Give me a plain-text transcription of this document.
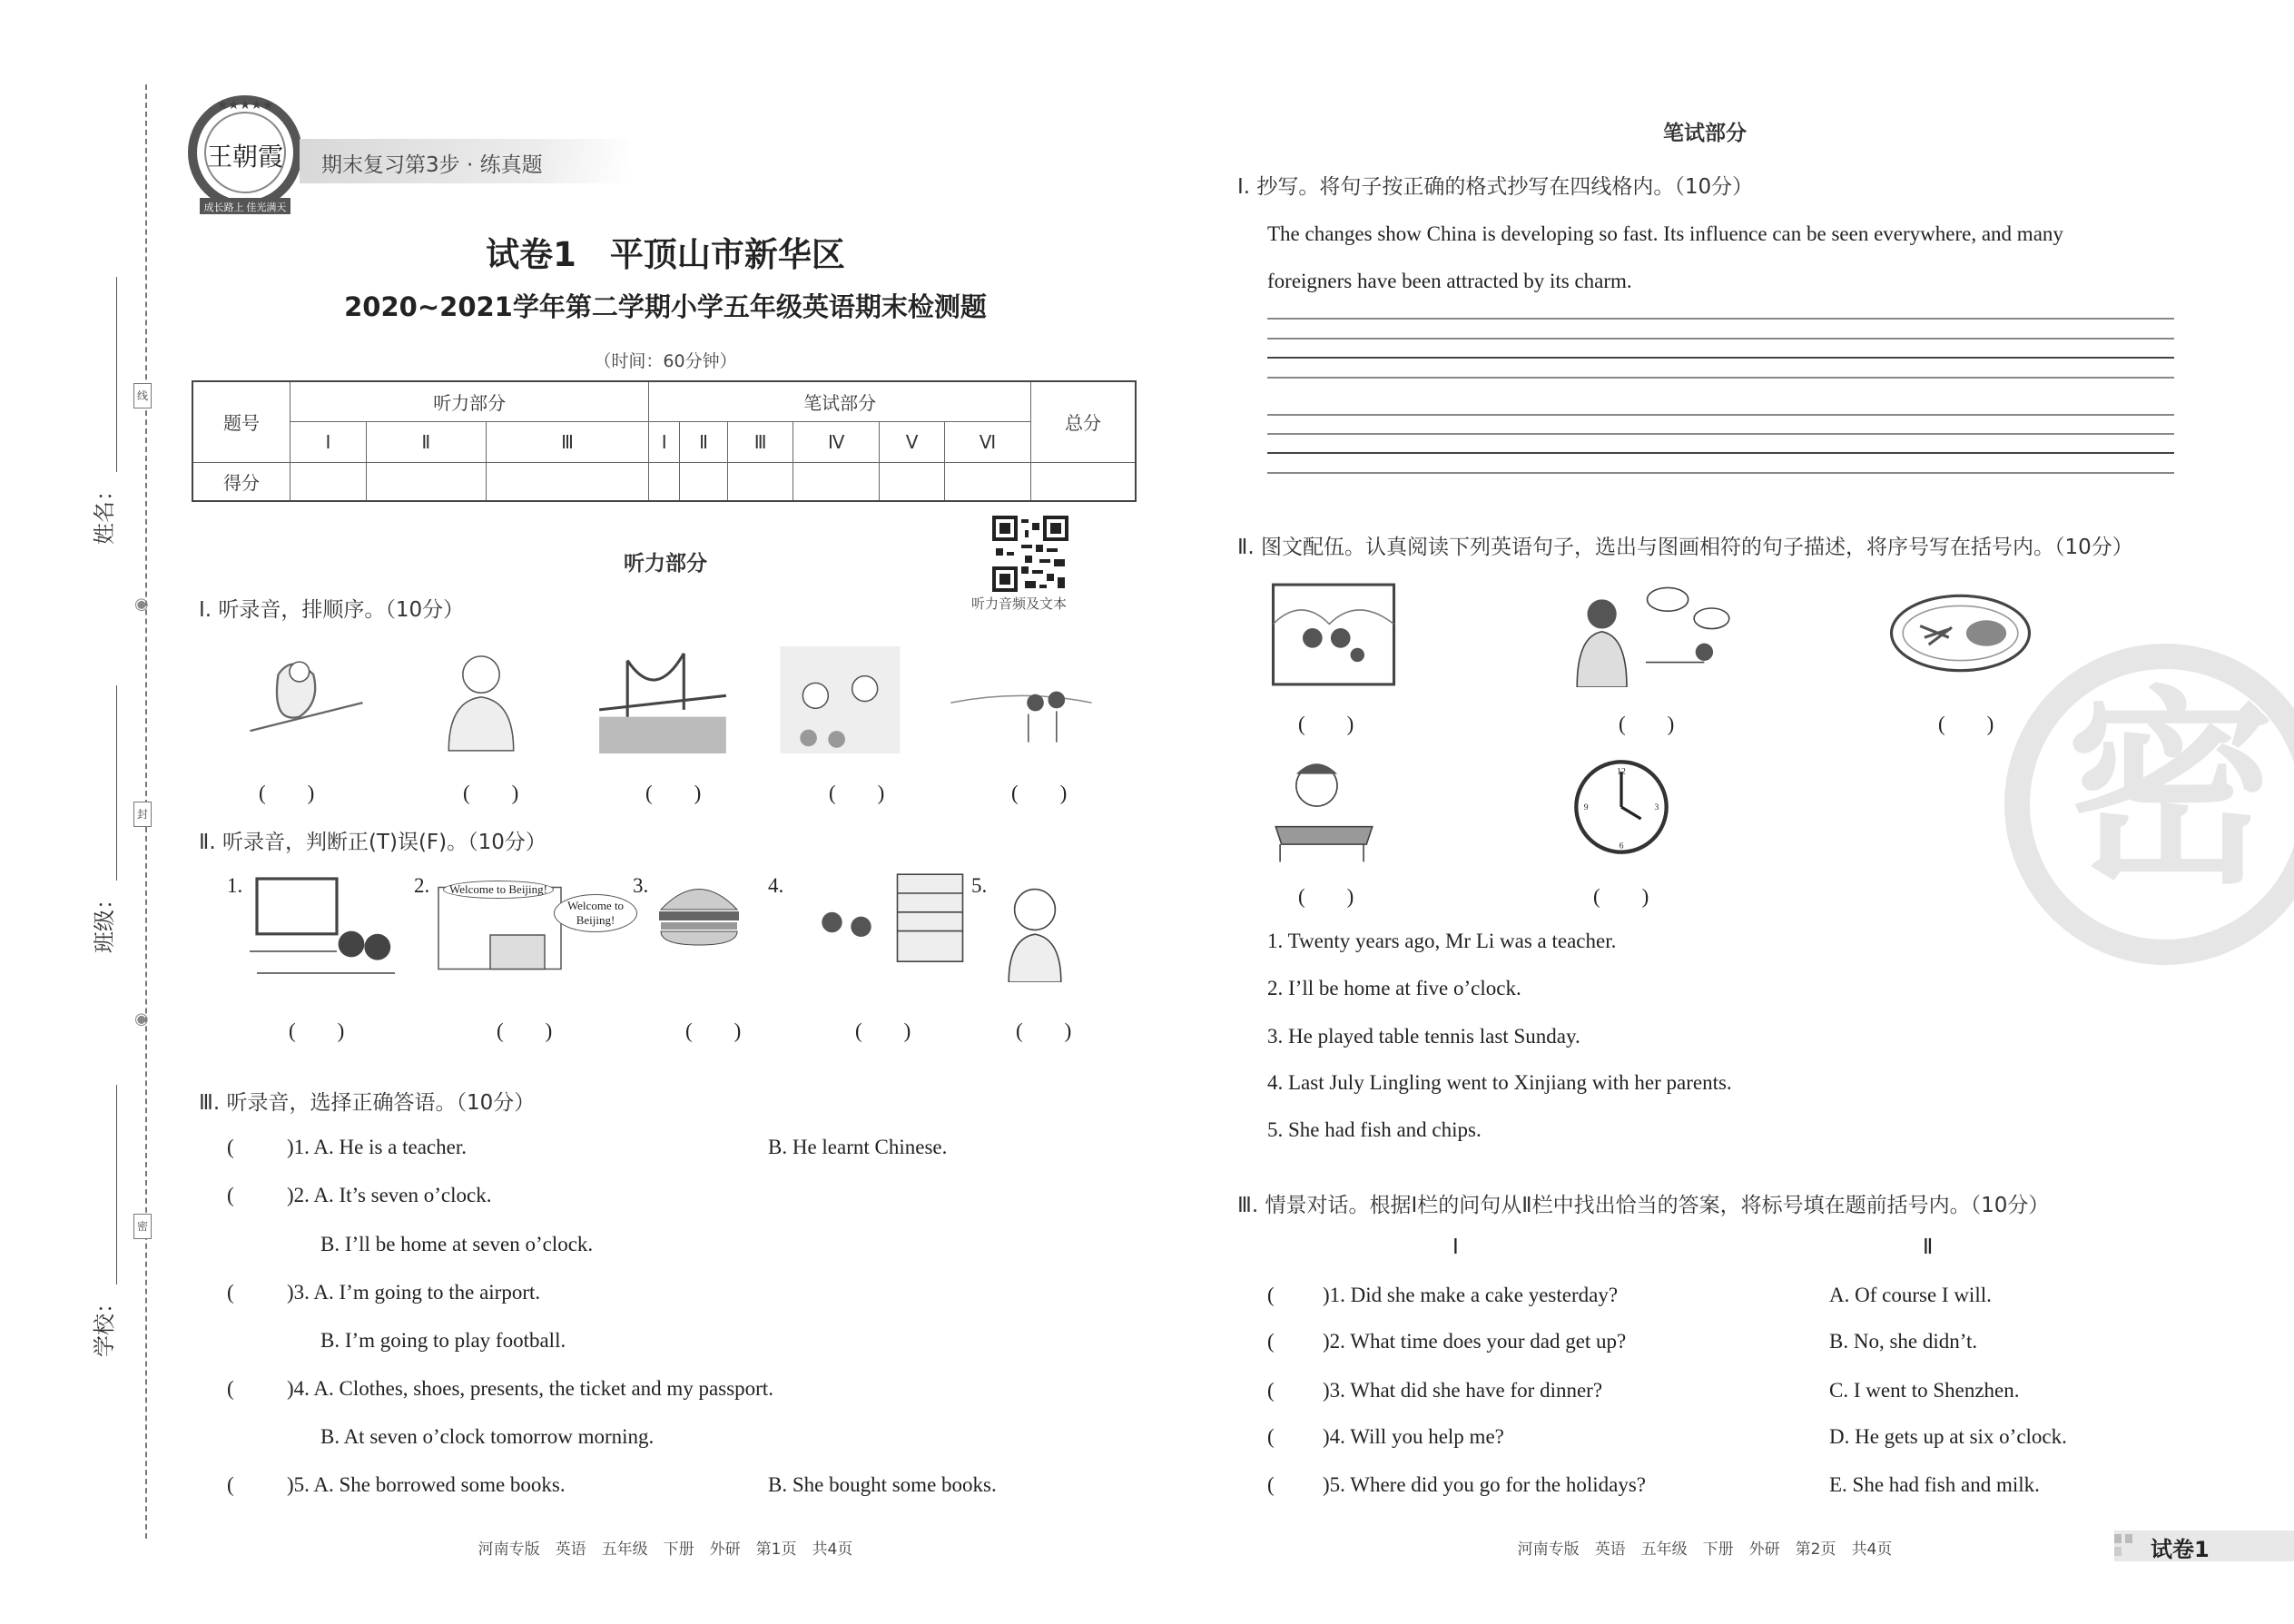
线
封
密
姓名：
班级：
学校：
◉
◉
★★★★★
王朝霞
成长路上 佳光满天
期末复习第3步 · 练真题
试卷1　平顶山市新华区
2020~2021学年第二学期小学五年级英语期末检测题
（时间：60分钟）
题号	听力部分			笔试部分						总分
	Ⅰ	Ⅱ	Ⅲ	Ⅰ	Ⅱ	Ⅲ	Ⅳ	Ⅴ	Ⅵ	
得分										
听力音频及文本
听力部分
Ⅰ. 听录音，排顺序。（10分）
(　　)	(　　)	(　　)	(　　)	(　　)
Ⅱ. 听录音，判断正(T)误(F)。（10分）
1.	2.	Welcome to Beijing!
Welcome to Beijing!
3.	4.	5.
(　　)	(　　)	(　　)	(　　)	(　　)
Ⅲ. 听录音，选择正确答语。（10分）
(	)1. A. He is a teacher.	B. He learnt Chinese.
(	)2. A. It’s seven o’clock.
B. I’ll be home at seven o’clock.
(	)3. A. I’m going to the airport.
B. I’m going to play football.
(	)4. A. Clothes, shoes, presents, the ticket and my passport.
B. At seven o’clock tomorrow morning.
(	)5. A. She borrowed some books.	B. She bought some books.
河南专版　英语　五年级　下册　外研　第1页　共4页
密
笔试部分
Ⅰ. 抄写。将句子按正确的格式抄写在四线格内。（10分）
The changes show China is developing so fast. Its influence can be seen everywhere, and many
foreigners have been attracted by its charm.
Ⅱ. 图文配伍。认真阅读下列英语句子，选出与图画相符的句子描述，将序号写在括号内。（10分）
(　　)	(　　)	(　　)
12
3
6
9
(　　)	(　　)
1. Twenty years ago, Mr Li was a teacher.
2. I’ll be home at five o’clock.
3. He played table tennis last Sunday.
4. Last July Lingling went to Xinjiang with her parents.
5. She had fish and chips.
Ⅲ. 情景对话。根据Ⅰ栏的问句从Ⅱ栏中找出恰当的答案，将标号填在题前括号内。（10分）
Ⅰ	Ⅱ
( )1. Did she make a cake yesterday?	A. Of course I will.
( )2. What time does your dad get up?	B. No, she didn’t.
( )3. What did she have for dinner?	C. I went to Shenzhen.
( )4. Will you help me?	D. He gets up at six o’clock.
( )5. Where did you go for the holidays?	E. She had fish and milk.
河南专版　英语　五年级　下册　外研　第2页　共4页	试卷1
